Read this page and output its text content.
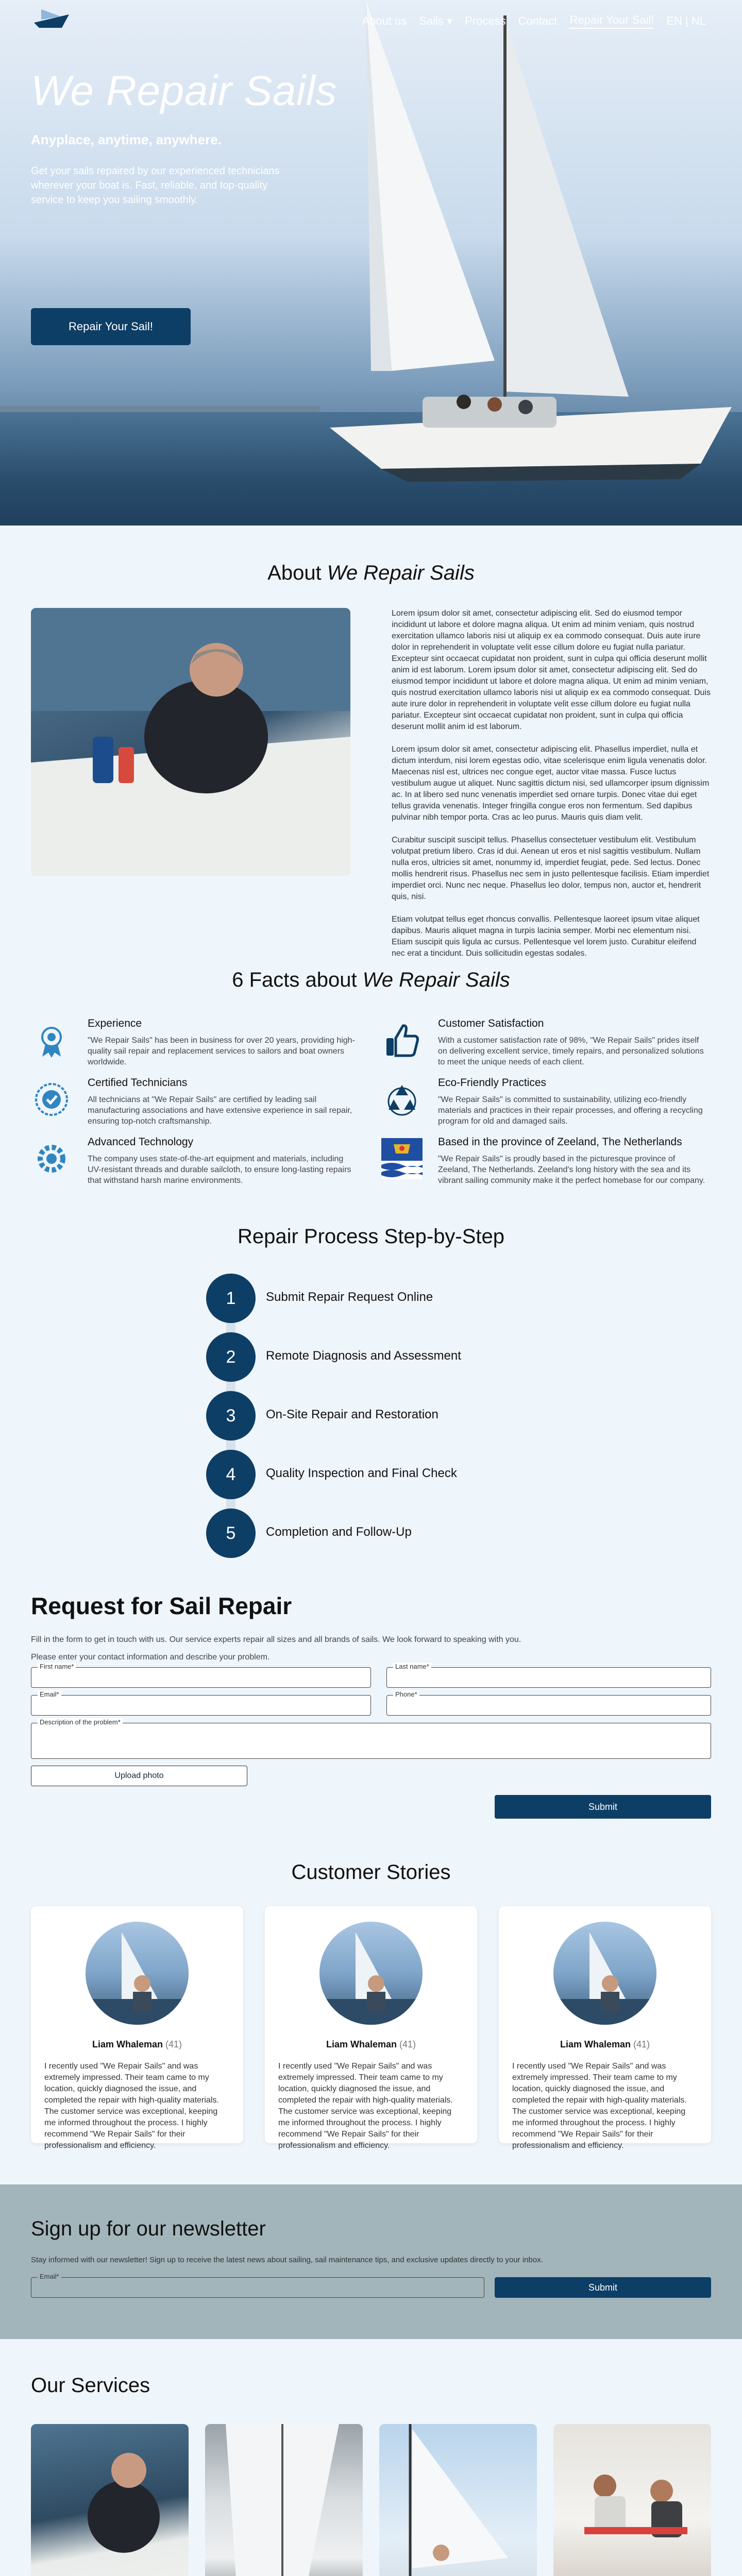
About us Sails ▾ Process Contact Repair Your Sail! EN | NL
We Repair Sails
Anyplace, anytime, anywhere.
Get your sails repaired by our experienced technicians wherever your boat is. Fast, reliable, and top-quality service to keep you sailing smoothly.
Repair Your Sail!
About We Repair Sails

Lorem ipsum dolor sit amet, consectetur adipiscing elit. Sed do eiusmod tempor incididunt ut labore et dolore magna aliqua. Ut enim ad minim veniam, quis nostrud exercitation ullamco laboris nisi ut aliquip ex ea commodo consequat. Duis aute irure dolor in reprehenderit in voluptate velit esse cillum dolore eu fugiat nulla pariatur. Excepteur sint occaecat cupidatat non proident, sunt in culpa qui officia deserunt mollit anim id est laborum. Lorem ipsum dolor sit amet, consectetur adipiscing elit. Sed do eiusmod tempor incididunt ut labore et dolore magna aliqua. Ut enim ad minim veniam, quis nostrud exercitation ullamco laboris nisi ut aliquip ex ea commodo consequat. Duis aute irure dolor in reprehenderit in voluptate velit esse cillum dolore eu fugiat nulla pariatur. Excepteur sint occaecat cupidatat non proident, sunt in culpa qui officia deserunt mollit anim id est laborum.

Lorem ipsum dolor sit amet, consectetur adipiscing elit. Phasellus imperdiet, nulla et dictum interdum, nisi lorem egestas odio, vitae scelerisque enim ligula venenatis dolor. Maecenas nisl est, ultrices nec congue eget, auctor vitae massa. Fusce luctus vestibulum augue ut aliquet. Nunc sagittis dictum nisi, sed ullamcorper ipsum dignissim ac. In at libero sed nunc venenatis imperdiet sed ornare turpis. Donec vitae dui eget tellus gravida venenatis. Integer fringilla congue eros non fermentum. Sed dapibus pulvinar nibh tempor porta. Cras ac leo purus. Mauris quis diam velit.

Curabitur suscipit suscipit tellus. Phasellus consectetuer vestibulum elit. Vestibulum volutpat pretium libero. Cras id dui. Aenean ut eros et nisl sagittis vestibulum. Nullam nulla eros, ultricies sit amet, nonummy id, imperdiet feugiat, pede. Sed lectus. Donec mollis hendrerit risus. Phasellus nec sem in justo pellentesque facilisis. Etiam imperdiet imperdiet orci. Nunc nec neque. Phasellus leo dolor, tempus non, auctor et, hendrerit quis, nisi.

Etiam volutpat tellus eget rhoncus convallis. Pellentesque laoreet ipsum vitae aliquet dapibus. Mauris aliquet magna in turpis lacinia semper. Morbi nec elementum nisi. Etiam suscipit quis ligula ac cursus. Pellentesque vel lorem justo. Curabitur eleifend nec erat a tincidunt. Duis sollicitudin egestas sodales.

6 Facts about We Repair Sails
Experience

"We Repair Sails" has been in business for over 20 years, providing high-quality sail repair and replacement services to sailors and boat owners worldwide.

Customer Satisfaction

With a customer satisfaction rate of 98%, "We Repair Sails" prides itself on delivering excellent service, timely repairs, and personalized solutions to meet the unique needs of each client.

Certified Technicians

All technicians at "We Repair Sails" are certified by leading sail manufacturing associations and have extensive experience in sail repair, ensuring top-notch craftsmanship.

Eco-Friendly Practices

"We Repair Sails" is committed to sustainability, utilizing eco-friendly materials and practices in their repair processes, and offering a recycling program for old and damaged sails.

Advanced Technology

The company uses state-of-the-art equipment and materials, including UV-resistant threads and durable sailcloth, to ensure long-lasting repairs that withstand harsh marine environments.

Based in the province of Zeeland, The Netherlands

"We Repair Sails" is proudly based in the picturesque province of Zeeland, The Netherlands. Zeeland's long history with the sea and its vibrant sailing community make it the perfect homebase for our company.

Repair Process Step-by-Step
1	Submit Repair Request Online
2	Remote Diagnosis and Assessment
3	On-Site Repair and Restoration
4	Quality Inspection and Final Check
5	Completion and Follow-Up
Request for Sail Repair
Fill in the form to get in touch with us. Our service experts repair all sizes and all brands of sails. We look forward to speaking with you.
Please enter your contact information and describe your problem.
First name*	Last name*
Email*	Phone*
Description of the problem*
Upload photo
Submit
Customer Stories
Liam Whaleman (41)
I recently used "We Repair Sails" and was extremely impressed. Their team came to my location, quickly diagnosed the issue, and completed the repair with high-quality materials. The customer service was exceptional, keeping me informed throughout the process. I highly recommend "We Repair Sails" for their professionalism and efficiency.
Liam Whaleman (41)
I recently used "We Repair Sails" and was extremely impressed. Their team came to my location, quickly diagnosed the issue, and completed the repair with high-quality materials. The customer service was exceptional, keeping me informed throughout the process. I highly recommend "We Repair Sails" for their professionalism and efficiency.
Liam Whaleman (41)
I recently used "We Repair Sails" and was extremely impressed. Their team came to my location, quickly diagnosed the issue, and completed the repair with high-quality materials. The customer service was exceptional, keeping me informed throughout the process. I highly recommend "We Repair Sails" for their professionalism and efficiency.
Sign up for our newsletter

Stay informed with our newsletter! Sign up to receive the latest news about sailing, sail maintenance tips, and exclusive updates directly to your inbox.

Email*
Submit
Our Services
